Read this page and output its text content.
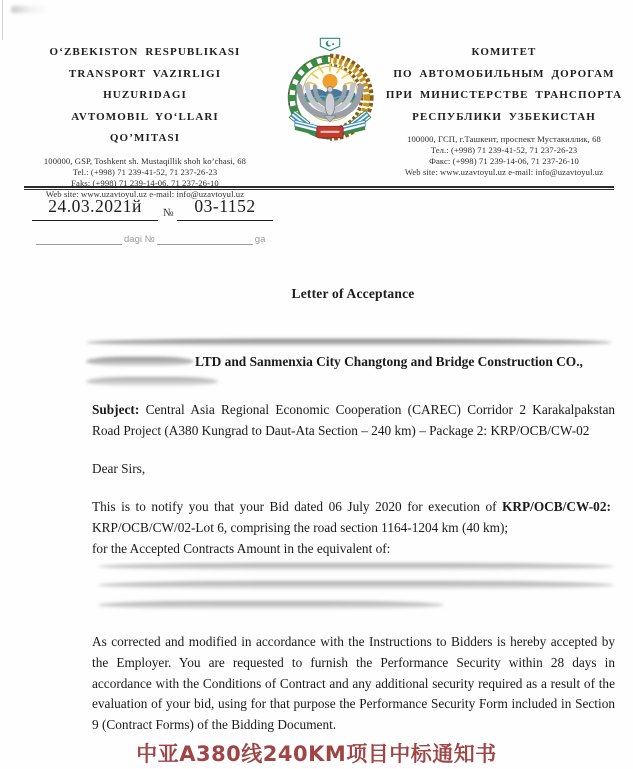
O‘ZBEKISTON RESPUBLIKASI
TRANSPORT VAZIRLIGI HUZURIDAGI
AVTOMOBIL YO‘LLARI
QO’MITASI
100000, GSP, Toshkent sh. Mustaqillik shoh ko’chasi, 68
Tel.: (+998) 71 239-41-52, 71 237-26-23
Faks: (+998) 71 239-14-06, 71 237-26-10
Web site: www.uzavtoyul.uz e-mail: info@uzavtoyul.uz
КОМИТЕТ
ПО АВТОМОБИЛЬНЫМ ДОРОГАМ
ПРИ МИНИСТЕРСТВЕ ТРАНСПОРТА
РЕСПУБЛИКИ УЗБЕКИСТАН
100000, ГСП, г.Ташкент, проспект Мустакиллик, 68
Тел.: (+998) 71 239-41-52, 71 237-26-23
Факс: (+998) 71 239-14-06, 71 237-26-10
Web site: www.uzavtoyul.uz e-mail: info@uzavtoyul.uz
24.03.2021й	№	03-1152
dagi №	ga
Letter of Acceptance
LTD and Sanmenxia City Changtong and Bridge Construction CO.,
Subject: Central Asia Regional Economic Cooperation (CAREC) Corridor 2 Karakalpakstan Road Project (A380 Kungrad to Daut-Ata Section – 240 km) – Package 2: KRP/OCB/CW-02
Dear Sirs,
This is to notify you that your Bid dated 06 July 2020 for execution of KRP/OCB/CW-02:
KRP/OCB/CW/02-Lot 6, comprising the road section 1164-1204 km (40 km);
for the Accepted Contracts Amount in the equivalent of:
As corrected and modified in accordance with the Instructions to Bidders is hereby accepted by the Employer. You are requested to furnish the Performance Security within 28 days in accordance with the Conditions of Contract and any additional security required as a result of the evaluation of your bid, using for that purpose the Performance Security Form included in Section 9 (Contract Forms) of the Bidding Document.
中亚A380线240KM项目中标通知书
